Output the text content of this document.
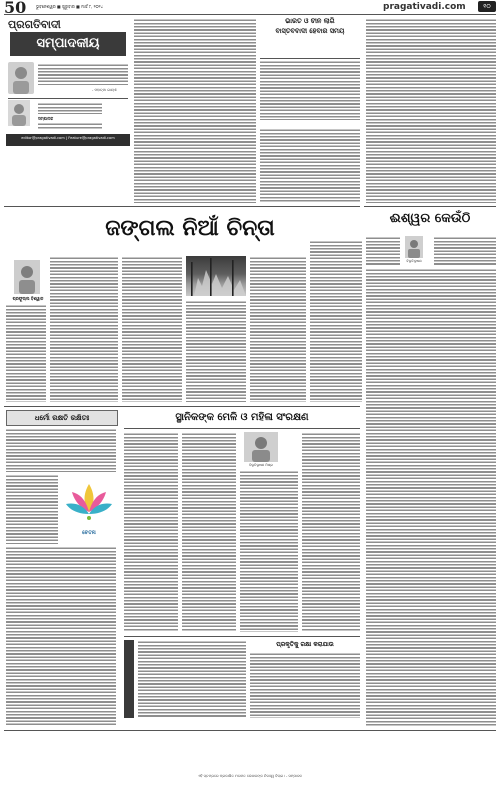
50 ଭୁବନେଶ୍ୱର ■ ଗୁରୁବାର ■ ମାର୍ଚ୍ଚ ୮, ୨୦୨୪	pragativadi.com	୧୦
ପ୍ରଗତିବାଦୀ
ସମ୍ପାଦକୀୟ
- ମହାତ୍ମା ଗାନ୍ଧୀ
ସମ୍ପାଦକ
editor@pragativadi.com | Feature@pragativadi.com
ଭାରତ ଓ ଚୀନ ଲାଗି
ବାସ୍ତବବାଦୀ ହେବାର ସମୟ
ଜଙ୍ଗଲ ନିଆଁ ଚିନ୍ତା
ପ୍ରଫୁଲ୍ଲ ବିଶ୍ୱାଳ
ଈଶ୍ୱର କେଉଁଠି
ବିଭୂତିଭୂଷଣ
ଧର୍ମୋ ରକ୍ଷତି ରକ୍ଷିତଃ
ଚେତନା
ସ୍ଥାନିକଙ୍କ ମେଳି ଓ ମହିଳା ସଂରକ୍ଷଣ
ବିଭୂତିଭୂଷଣ ମିଶ୍ର
ପ୍ରକୃତିକୁ ରକ୍ଷା କରାଯାଉ
ଏହି ସ୍ତମ୍ଭରେ ପ୍ରକାଶିତ ମତାମତ ଲେଖକଙ୍କ ନିଜସ୍ୱ ବିଚାର। - ସମ୍ପାଦକ
